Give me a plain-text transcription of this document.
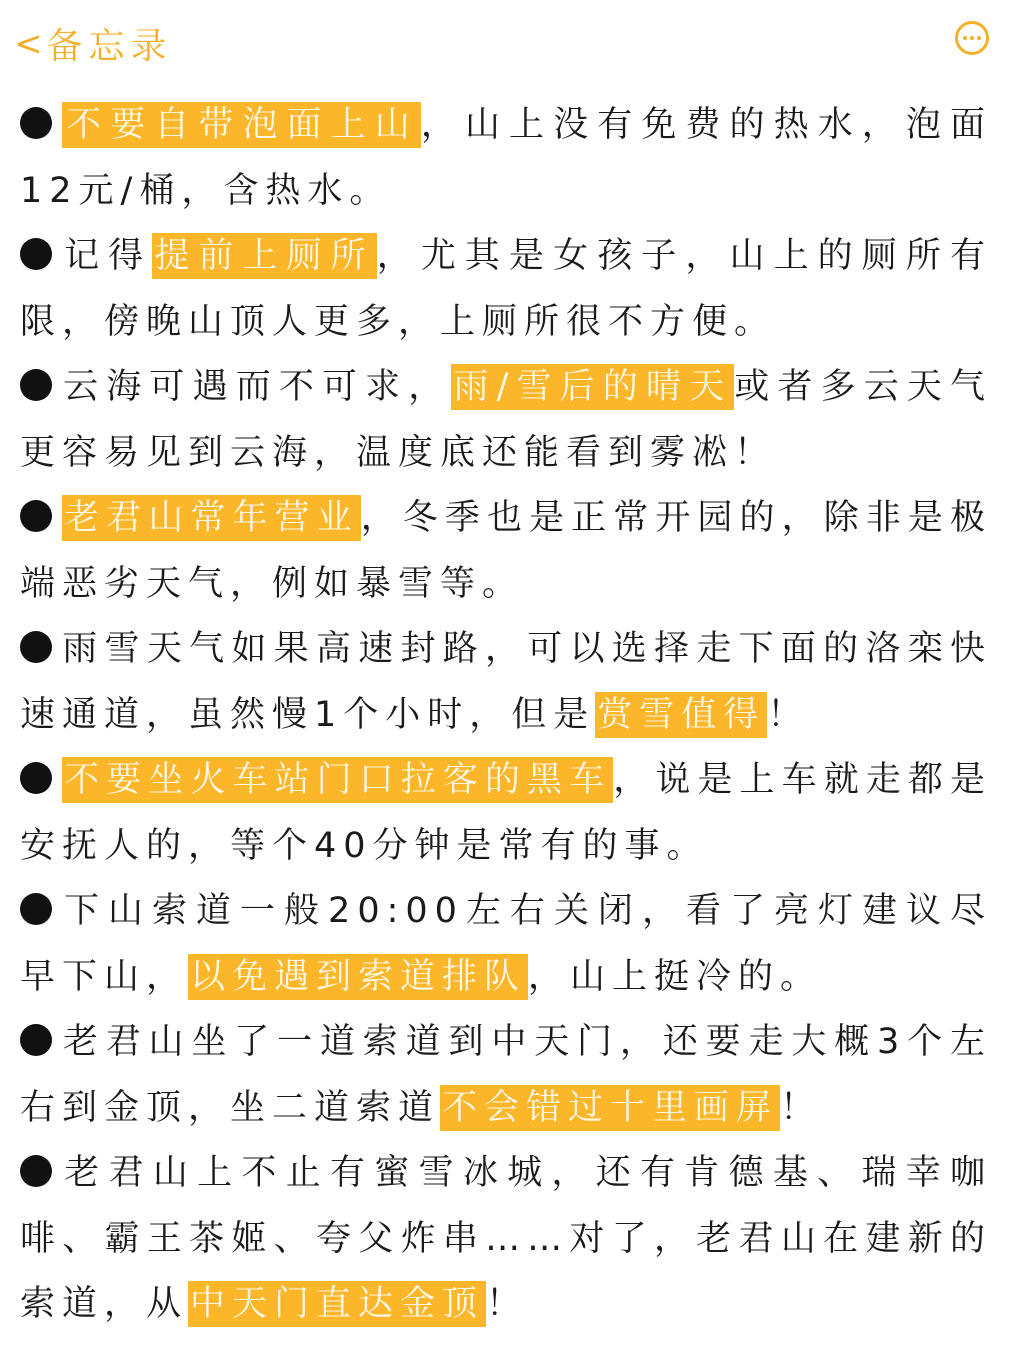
< 备忘录

不要自带泡面上山，山上没有免费的热水，泡面12元/桶，含热水。

记得提前上厕所，尤其是女孩子，山上的厕所有限，傍晚山顶人更多，上厕所很不方便。

云海可遇而不可求，雨/雪后的晴天或者多云天气更容易见到云海，温度底还能看到雾凇！

老君山常年营业，冬季也是正常开园的，除非是极端恶劣天气，例如暴雪等。

雨雪天气如果高速封路，可以选择走下面的洛栾快速通道，虽然慢1个小时，但是赏雪值得！

不要坐火车站门口拉客的黑车，说是上车就走都是安抚人的，等个40分钟是常有的事。

下山索道一般20:00左右关闭，看了亮灯建议尽早下山，以免遇到索道排队，山上挺冷的。

老君山坐了一道索道到中天门，还要走大概3个左右到金顶，坐二道索道不会错过十里画屏！

老君山上不止有蜜雪冰城，还有肯德基、瑞幸咖啡、霸王茶姬、夸父炸串……对了，老君山在建新的索道，从中天门直达金顶！
